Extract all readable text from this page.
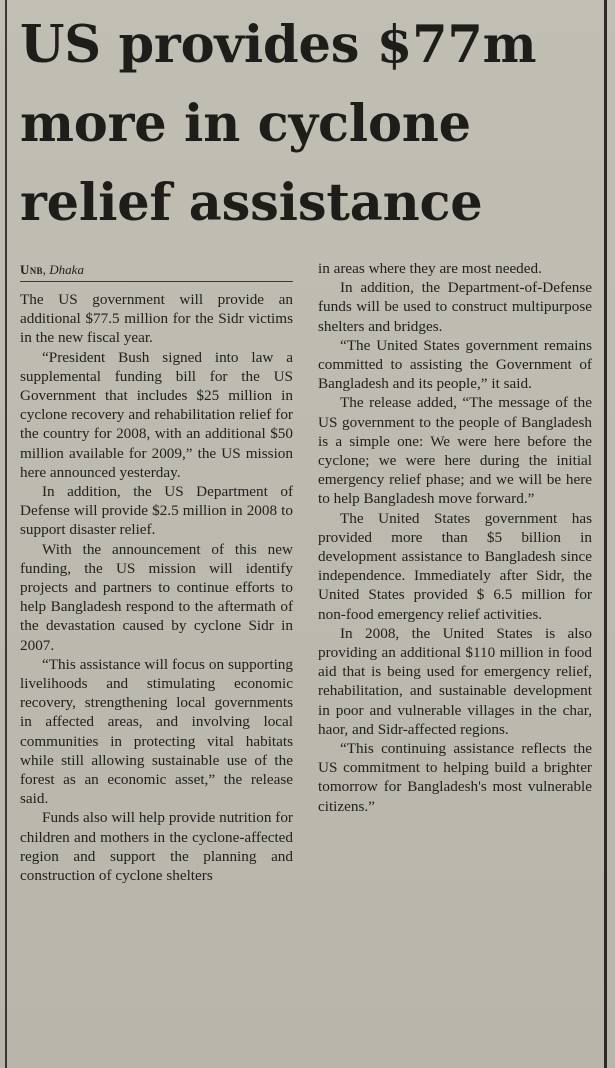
US provides $77m more in cyclone relief assistance
Unb, Dhaka

The US government will provide an additional $77.5 million for the Sidr victims in the new fiscal year.

“President Bush signed into law a supplemental funding bill for the US Government that includes $25 million in cyclone recovery and rehabilitation relief for the country for 2008, with an additional $50 million available for 2009,” the US mission here announced yesterday.

In addition, the US Department of Defense will provide $2.5 million in 2008 to support disaster relief.

With the announcement of this new funding, the US mission will identify projects and partners to continue efforts to help Bangladesh respond to the aftermath of the devastation caused by cyclone Sidr in 2007.

“This assistance will focus on supporting livelihoods and stimulating economic recovery, strengthening local governments in affected areas, and involving local communities in protecting vital habitats while still allowing sustainable use of the forest as an economic asset,” the release said.

Funds also will help provide nutrition for children and mothers in the cyclone-affected region and support the planning and construction of cyclone shelters

in areas where they are most needed.

In addition, the Department-of-Defense funds will be used to construct multipurpose shelters and bridges.

“The United States government remains committed to assisting the Government of Bangladesh and its people,” it said.

The release added, “The message of the US government to the people of Bangladesh is a simple one: We were here before the cyclone; we were here during the initial emergency relief phase; and we will be here to help Bangladesh move forward.”

The United States government has provided more than $5 billion in development assistance to Bangladesh since independence. Immediately after Sidr, the United States provided $ 6.5 million for non-food emergency relief activities.

In 2008, the United States is also providing an additional $110 million in food aid that is being used for emergency relief, rehabilitation, and sustainable development in poor and vulnerable villages in the char, haor, and Sidr-affected regions.

“This continuing assistance reflects the US commitment to helping build a brighter tomorrow for Bangladesh's most vulnerable citizens.”
